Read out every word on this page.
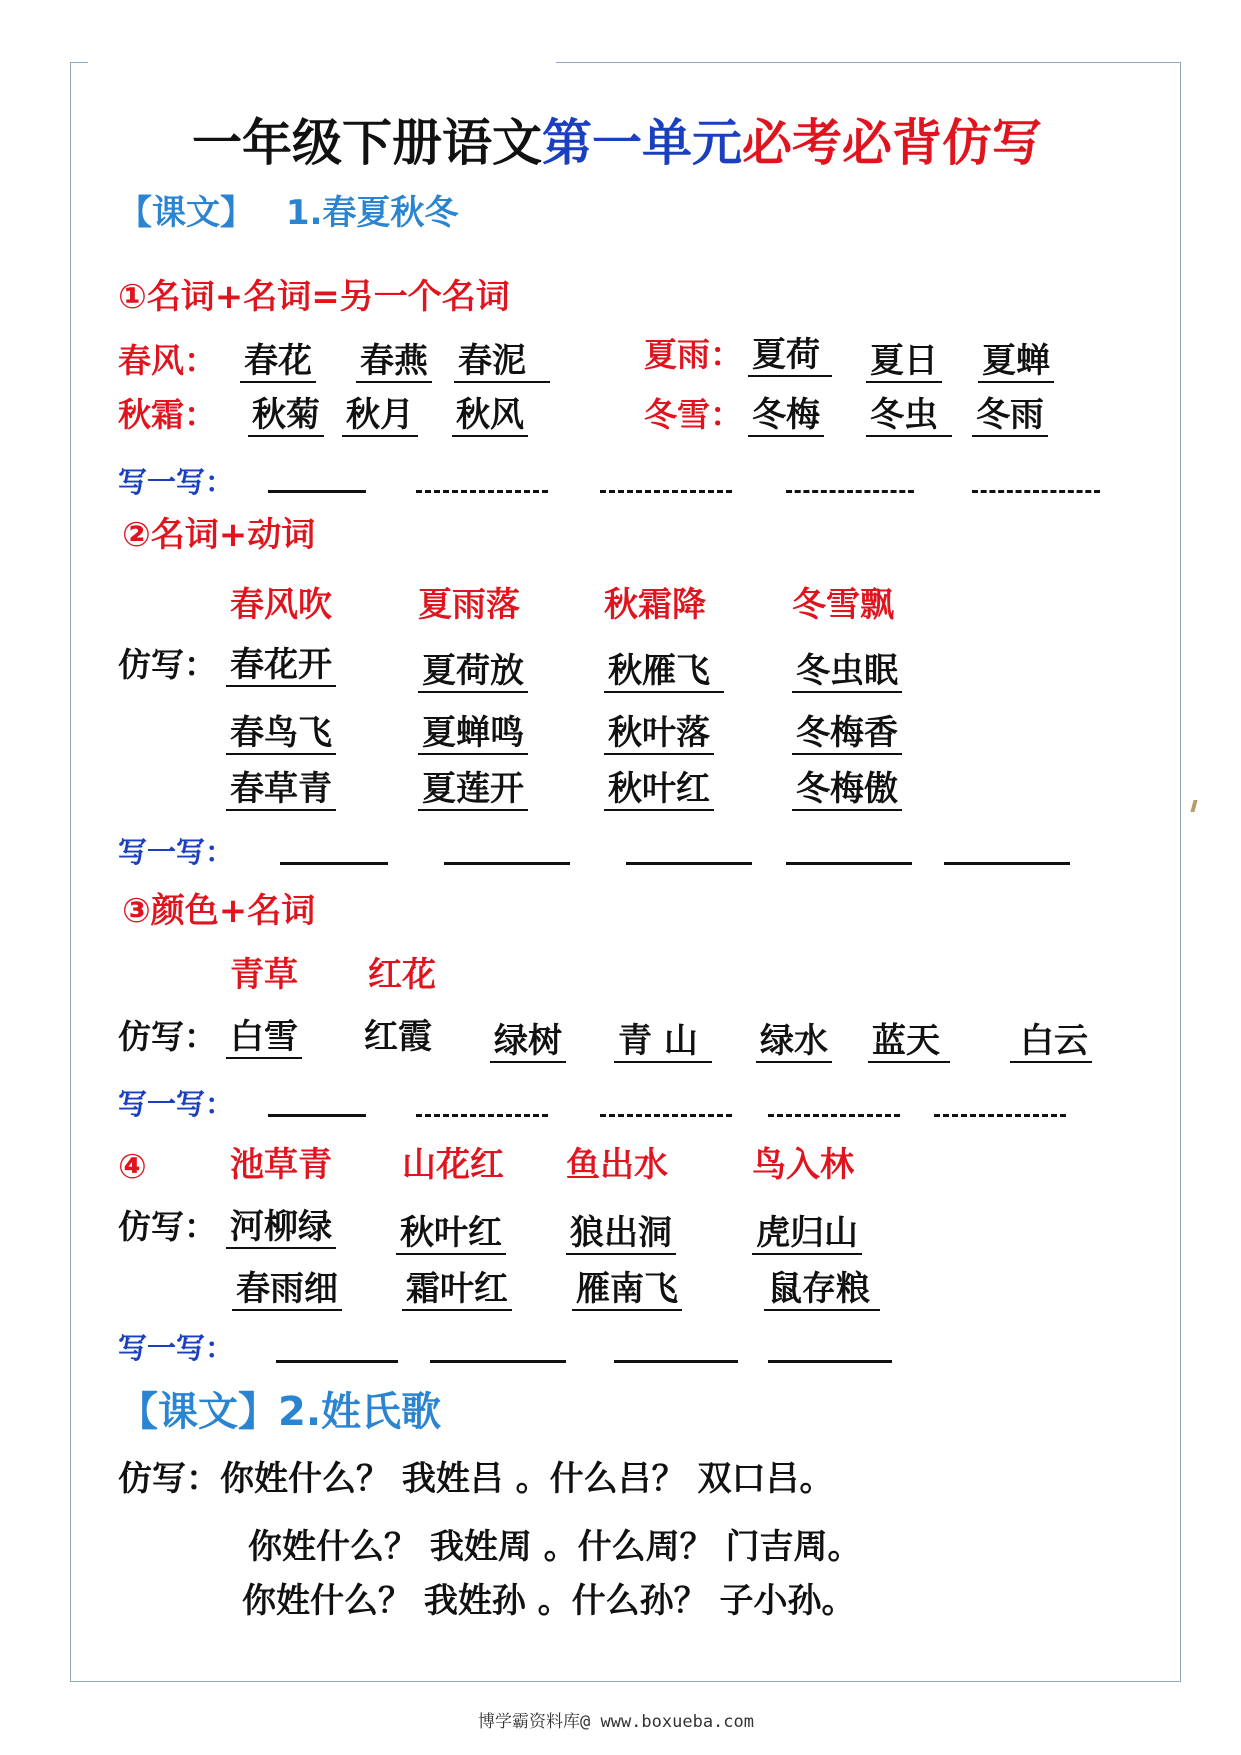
一年级下册语文第一单元必考必背仿写
【课文】 1.春夏秋冬
①名词+名词=另一个名词
春风： 春花 春燕 春泥	夏雨： 夏荷	夏日 夏蝉
秋霜： 秋菊 秋月 秋风	冬雪： 冬梅 冬虫	冬雨
写一写：
②名词+动词
春风吹	夏雨落 秋霜降	冬雪飘
仿写： 春花开	夏荷放 秋雁飞	冬虫眠
春鸟飞	夏蝉鸣 秋叶落	冬梅香
春草青	夏莲开 秋叶红	冬梅傲
写一写：
③颜色+名词
青草 红花
仿写： 白雪 红霞 绿树 青 山	绿水 蓝天 白云
写一写：
④ 池草青 山花红 鱼出水 鸟入林
仿写： 河柳绿 秋叶红 狼出洞 虎归山
春雨细 霜叶红 雁南飞	鼠存粮
写一写：
【课文】2.姓氏歌
仿写：你姓什么？ 我姓吕 。什么吕？ 双口吕。
你姓什么？ 我姓周 。什么周？ 门吉周。
你姓什么？ 我姓孙 。什么孙？ 子小孙。
博学霸资料库@ www.boxueba.com
